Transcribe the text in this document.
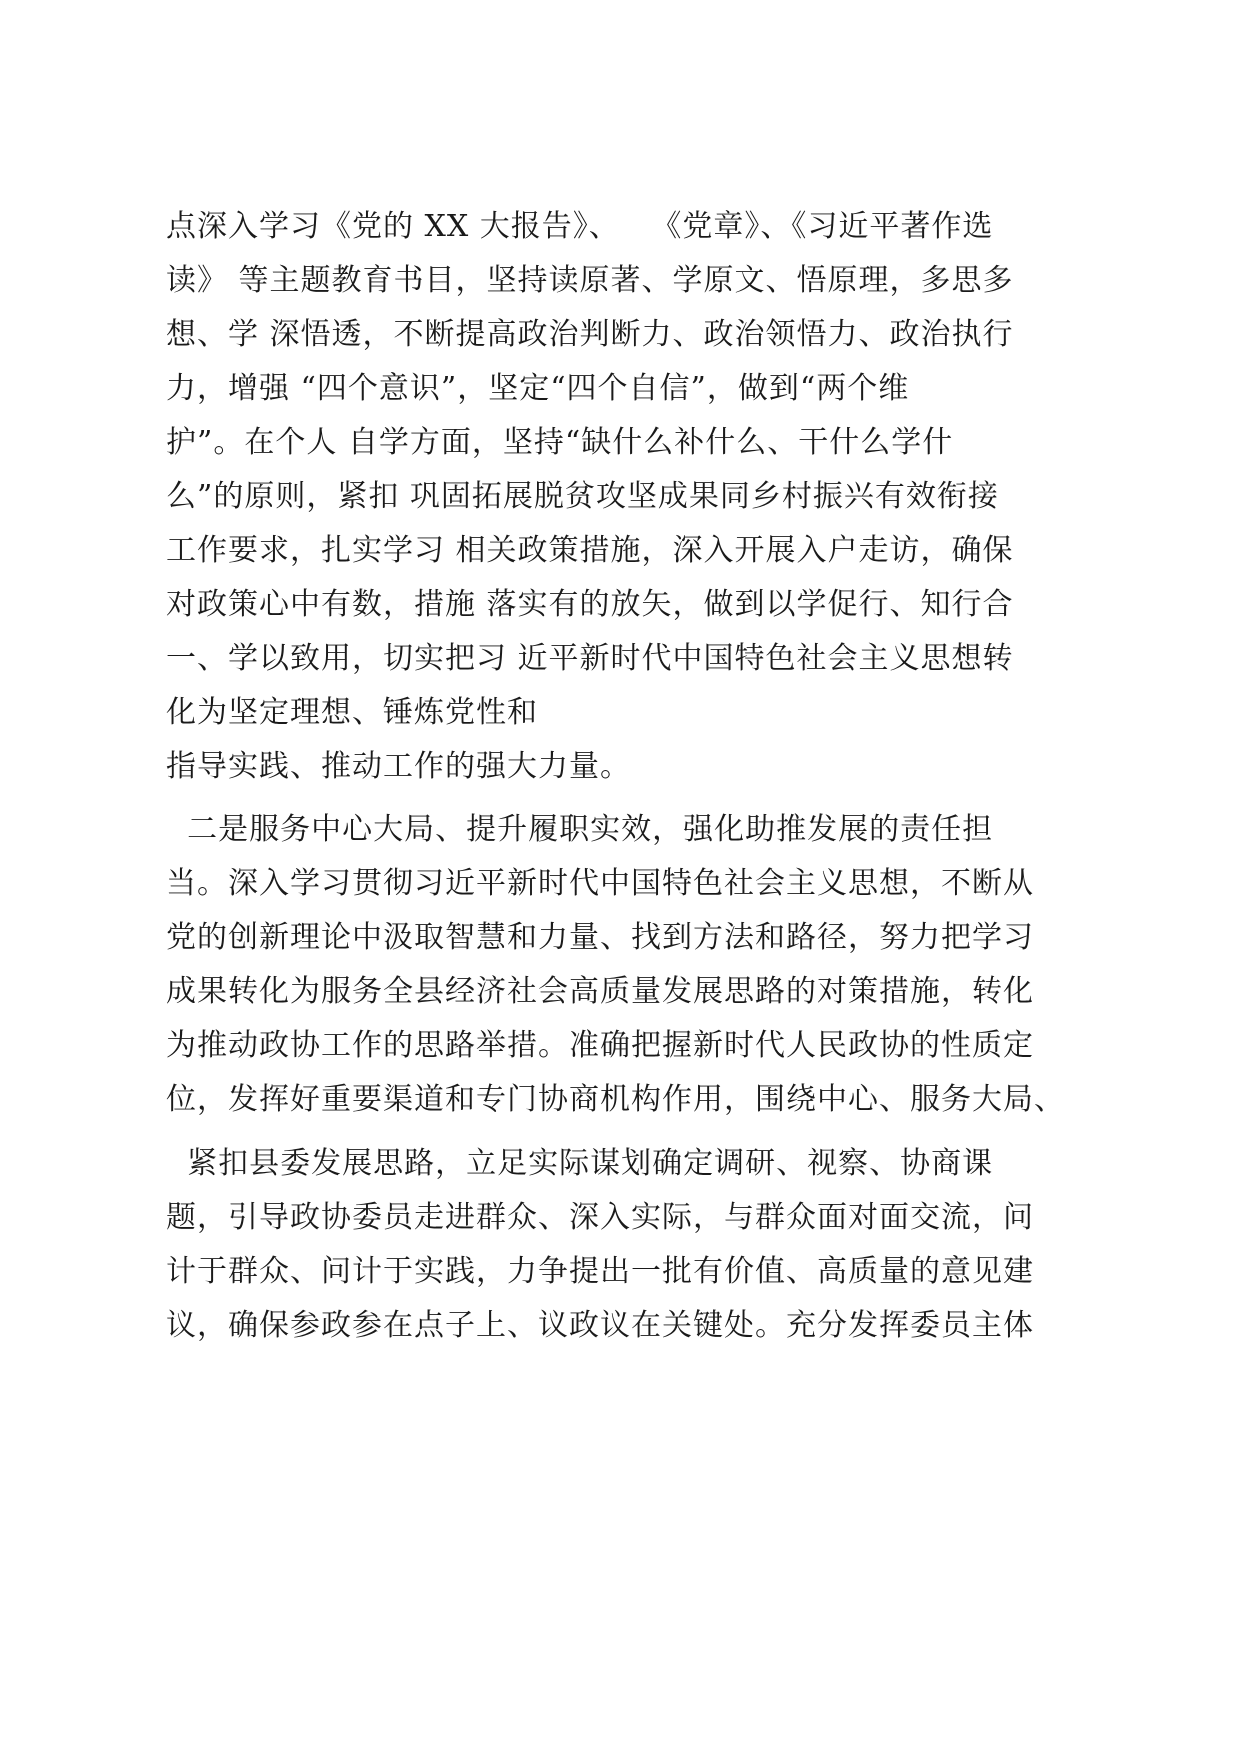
点深入学习《党的 XX 大报告》、   《党章》、《习近平著作选
读》 等主题教育书目，坚持读原著、学原文、悟原理，多思多
想、学 深悟透，不断提高政治判断力、政治领悟力、政治执行
力，增强 “四个意识”，坚定“四个自信”，做到“两个维
护”。在个人 自学方面，坚持“缺什么补什么、干什么学什
么”的原则，紧扣 巩固拓展脱贫攻坚成果同乡村振兴有效衔接
工作要求，扎实学习 相关政策措施，深入开展入户走访，确保
对政策心中有数，措施 落实有的放矢，做到以学促行、知行合
一、学以致用，切实把习 近平新时代中国特色社会主义思想转
化为坚定理想、锤炼党性和
指导实践、推动工作的强大力量。
二是服务中心大局、提升履职实效，强化助推发展的责任担
当。深入学习贯彻习近平新时代中国特色社会主义思想，不断从
党的创新理论中汲取智慧和力量、找到方法和路径，努力把学习
成果转化为服务全县经济社会高质量发展思路的对策措施，转化
为推动政协工作的思路举措。准确把握新时代人民政协的性质定
位，发挥好重要渠道和专门协商机构作用，围绕中心、服务大局、
紧扣县委发展思路，立足实际谋划确定调研、视察、协商课
题，引导政协委员走进群众、深入实际，与群众面对面交流，问
计于群众、问计于实践，力争提出一批有价值、高质量的意见建
议，确保参政参在点子上、议政议在关键处。充分发挥委员主体
